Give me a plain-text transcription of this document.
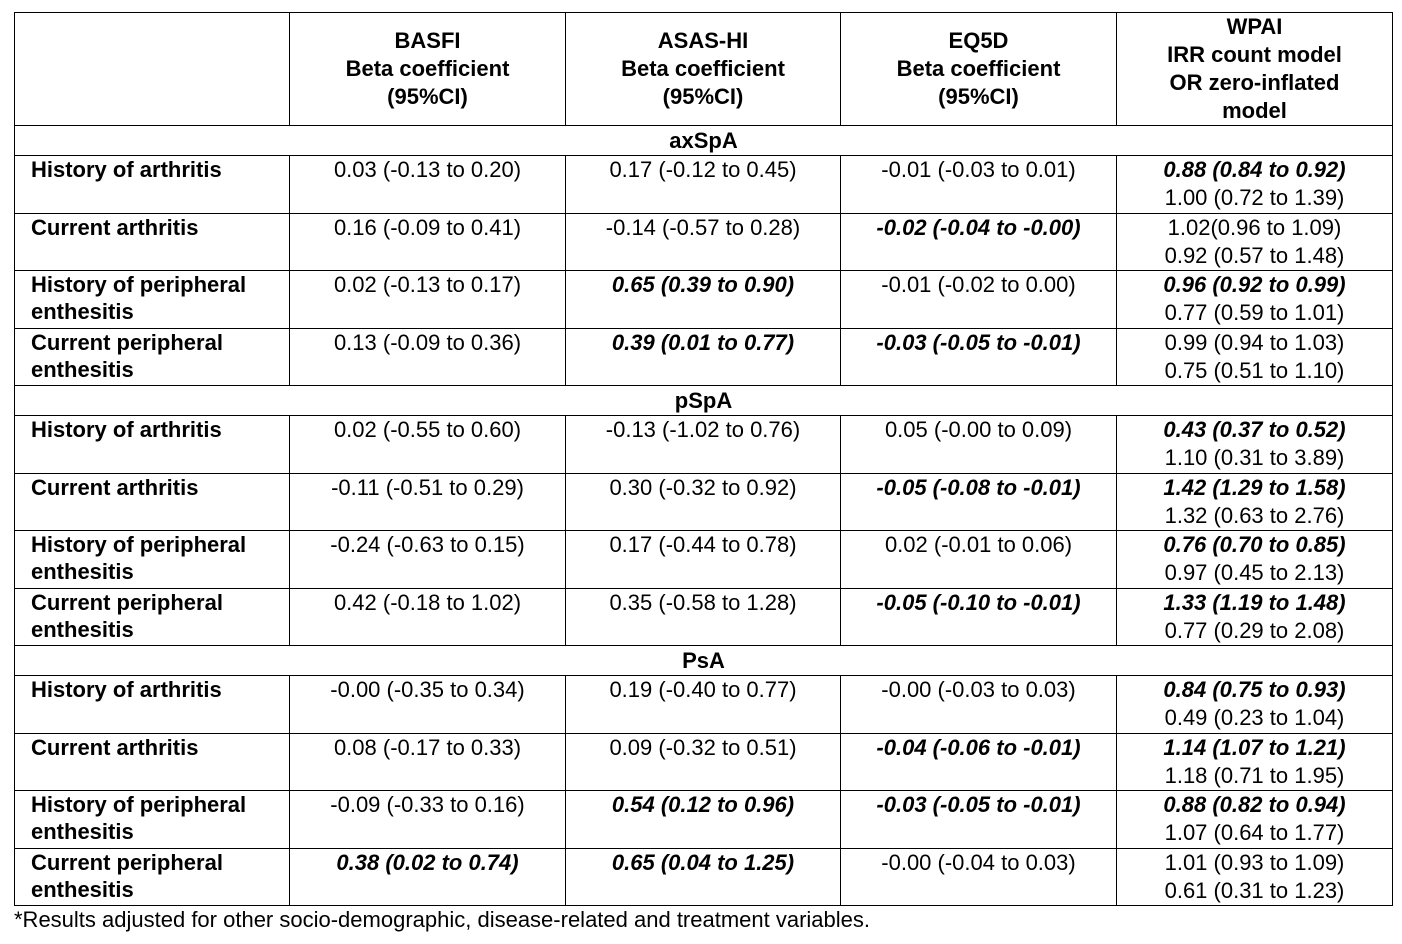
	BASFI
Beta coefficient
(95%CI)	ASAS-HI
Beta coefficient
(95%CI)	EQ5D
Beta coefficient
(95%CI)	WPAI
IRR count model
OR zero-inflated
model

axSpA				

History of arthritis	0.03 (-0.13 to 0.20)	0.17 (-0.12 to 0.45)	-0.01 (-0.03 to 0.01)	0.88 (0.84 to 0.92)
1.00 (0.72 to 1.39)

Current arthritis	0.16 (-0.09 to 0.41)	-0.14 (-0.57 to 0.28)	-0.02 (-0.04 to -0.00)	1.02(0.96 to 1.09)
0.92 (0.57 to 1.48)

History of peripheral
enthesitis	0.02 (-0.13 to 0.17)	0.65 (0.39 to 0.90)	-0.01 (-0.02 to 0.00)	0.96 (0.92 to 0.99)
0.77 (0.59 to 1.01)

Current peripheral
enthesitis	0.13 (-0.09 to 0.36)	0.39 (0.01 to 0.77)	-0.03 (-0.05 to -0.01)	0.99 (0.94 to 1.03)
0.75 (0.51 to 1.10)

pSpA				

History of arthritis	0.02 (-0.55 to 0.60)	-0.13 (-1.02 to 0.76)	0.05 (-0.00 to 0.09)	0.43 (0.37 to 0.52)
1.10 (0.31 to 3.89)

Current arthritis	-0.11 (-0.51 to 0.29)	0.30 (-0.32 to 0.92)	-0.05 (-0.08 to -0.01)	1.42 (1.29 to 1.58)
1.32 (0.63 to 2.76)

History of peripheral
enthesitis	-0.24 (-0.63 to 0.15)	0.17 (-0.44 to 0.78)	0.02 (-0.01 to 0.06)	0.76 (0.70 to 0.85)
0.97 (0.45 to 2.13)

Current peripheral
enthesitis	0.42 (-0.18 to 1.02)	0.35 (-0.58 to 1.28)	-0.05 (-0.10 to -0.01)	1.33 (1.19 to 1.48)
0.77 (0.29 to 2.08)

PsA				

History of arthritis	-0.00 (-0.35 to 0.34)	0.19 (-0.40 to 0.77)	-0.00 (-0.03 to 0.03)	0.84 (0.75 to 0.93)
0.49 (0.23 to 1.04)

Current arthritis	0.08 (-0.17 to 0.33)	0.09 (-0.32 to 0.51)	-0.04 (-0.06 to -0.01)	1.14 (1.07 to 1.21)
1.18 (0.71 to 1.95)

History of peripheral
enthesitis	-0.09 (-0.33 to 0.16)	0.54 (0.12 to 0.96)	-0.03 (-0.05 to -0.01)	0.88 (0.82 to 0.94)
1.07 (0.64 to 1.77)

Current peripheral
enthesitis	0.38 (0.02 to 0.74)	0.65 (0.04 to 1.25)	-0.00 (-0.04 to 0.03)	1.01 (0.93 to 1.09)
0.61 (0.31 to 1.23)
*Results adjusted for other socio-demographic, disease-related and treatment variables.
